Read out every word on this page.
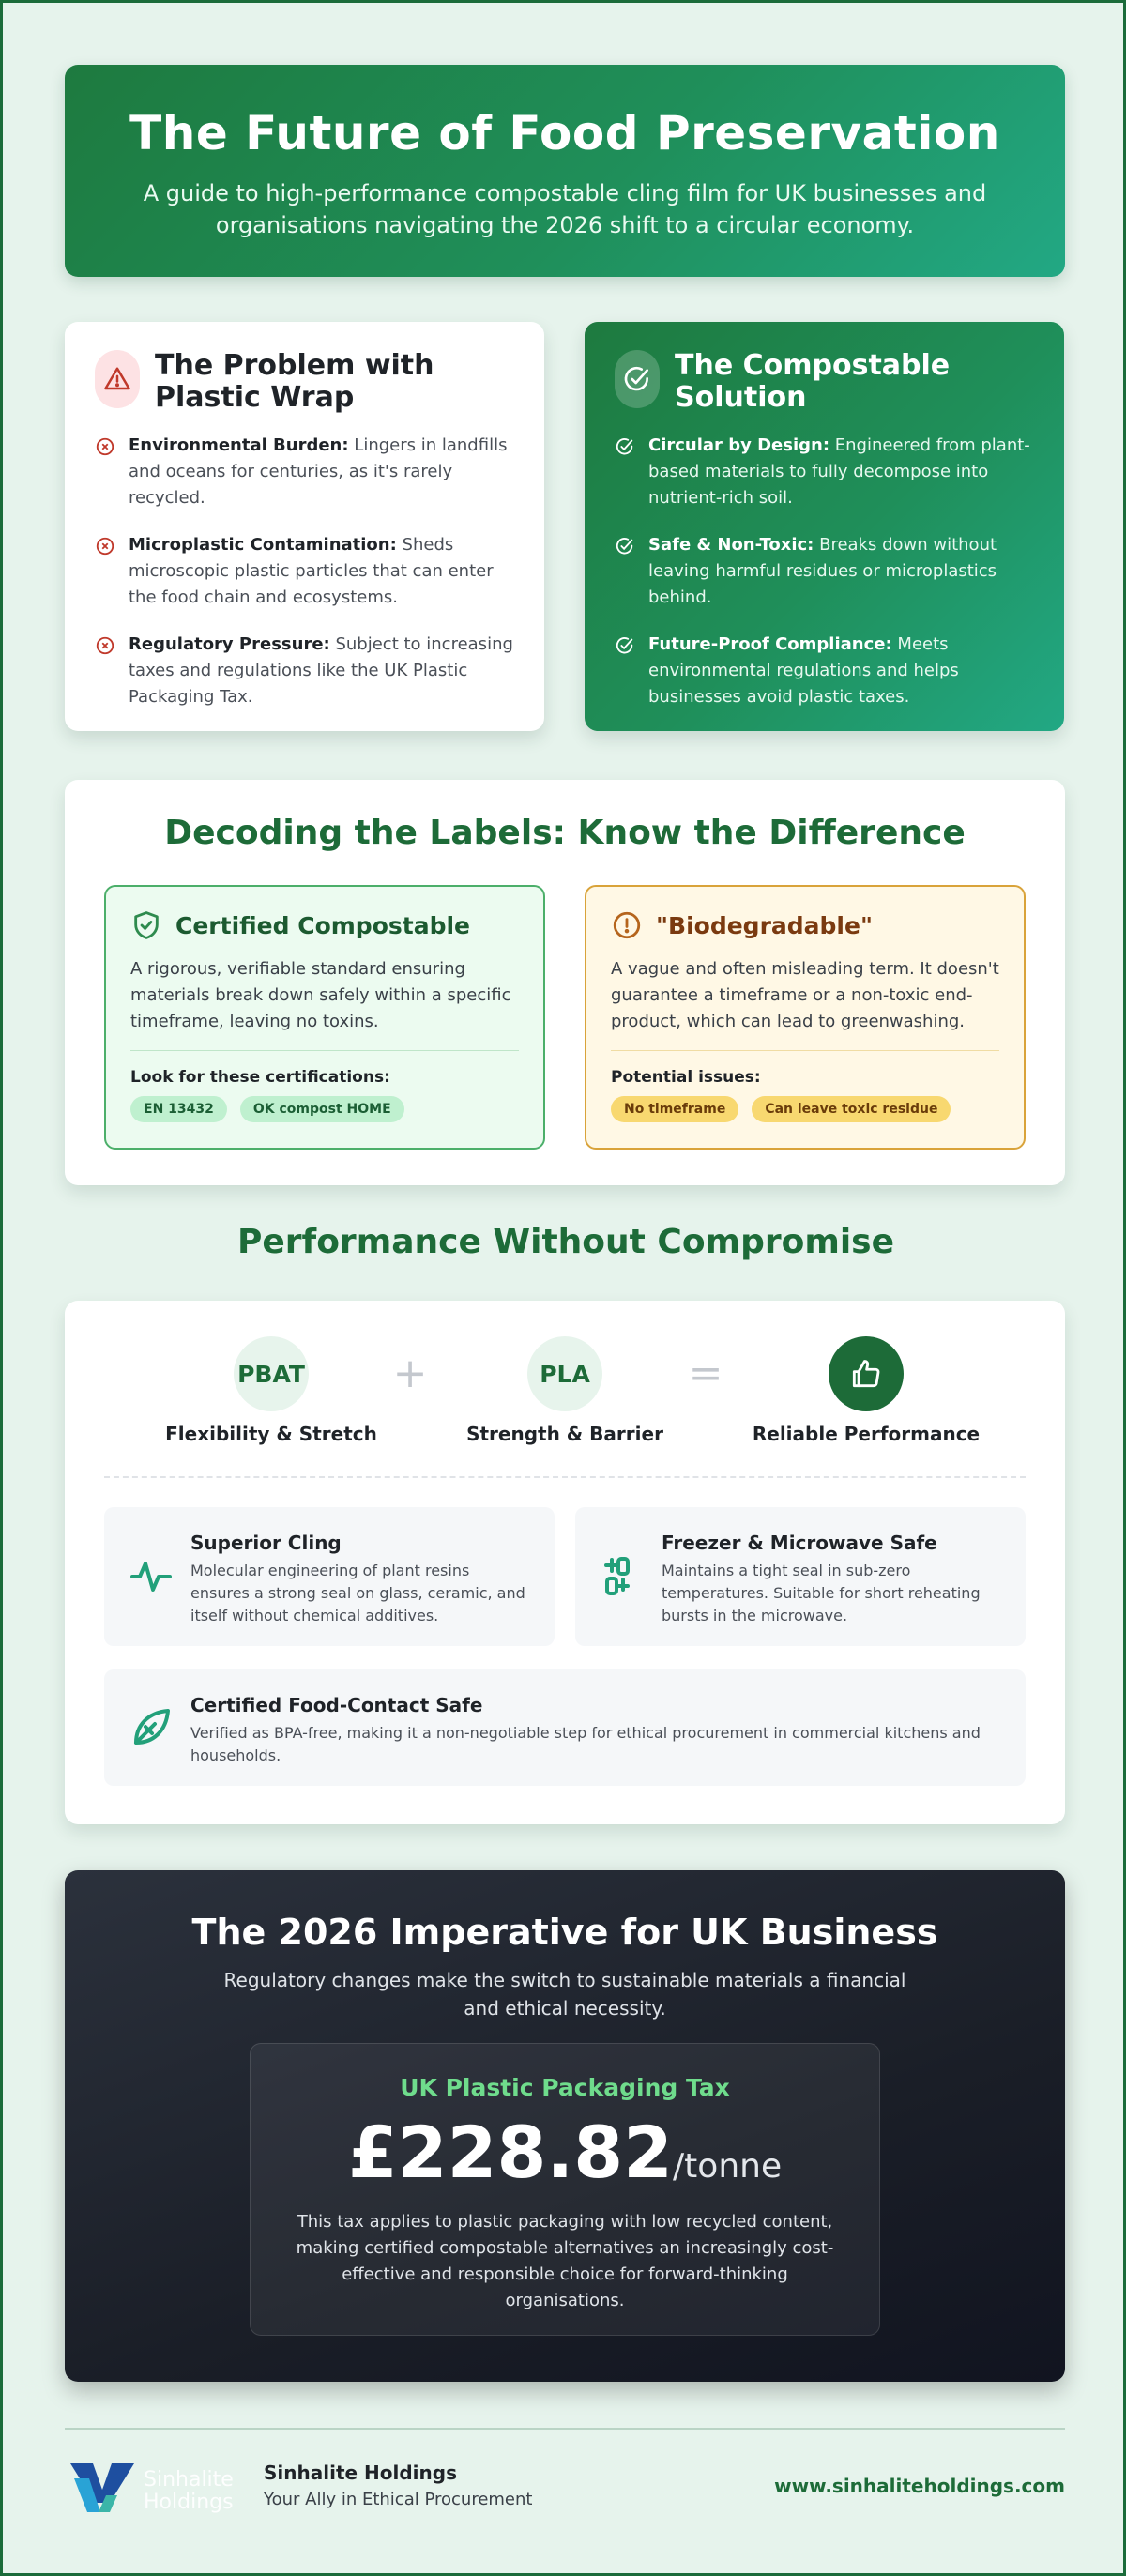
The Future of Food Preservation

A guide to high-performance compostable cling film for UK businesses and organisations navigating the 2026 shift to a circular economy.

The Problem with Plastic Wrap
Environmental Burden: Lingers in landfills and oceans for centuries, as it's rarely recycled.
Microplastic Contamination: Sheds microscopic plastic particles that can enter the food chain and ecosystems.
Regulatory Pressure: Subject to increasing taxes and regulations like the UK Plastic Packaging Tax.
The Compostable Solution
Circular by Design: Engineered from plant-based materials to fully decompose into nutrient-rich soil.
Safe & Non-Toxic: Breaks down without leaving harmful residues or microplastics behind.
Future-Proof Compliance: Meets environmental regulations and helps businesses avoid plastic taxes.
Decoding the Labels: Know the Difference
Certified Compostable
A rigorous, verifiable standard ensuring materials break down safely within a specific timeframe, leaving no toxins.
Look for these certifications:
EN 13432	OK compost HOME
"Biodegradable"
A vague and often misleading term. It doesn't guarantee a timeframe or a non-toxic end-product, which can lead to greenwashing.
Potential issues:
No timeframe	Can leave toxic residue
Performance Without Compromise
PBAT
Flexibility & Stretch
+	PLA
Strength & Barrier
=
Reliable Performance
Superior Cling

Molecular engineering of plant resins ensures a strong seal on glass, ceramic, and itself without chemical additives.

Freezer & Microwave Safe

Maintains a tight seal in sub-zero temperatures. Suitable for short reheating bursts in the microwave.

Certified Food-Contact Safe

Verified as BPA-free, making it a non-negotiable step for ethical procurement in commercial kitchens and households.

The 2026 Imperative for UK Business
Regulatory changes make the switch to sustainable materials a financial and ethical necessity.
UK Plastic Packaging Tax
£228.82/tonne
This tax applies to plastic packaging with low recycled content, making certified compostable alternatives an increasingly cost-effective and responsible choice for forward-thinking organisations.
Sinhalite
Holdings
Sinhalite Holdings
Your Ally in Ethical Procurement
www.sinhaliteholdings.com
